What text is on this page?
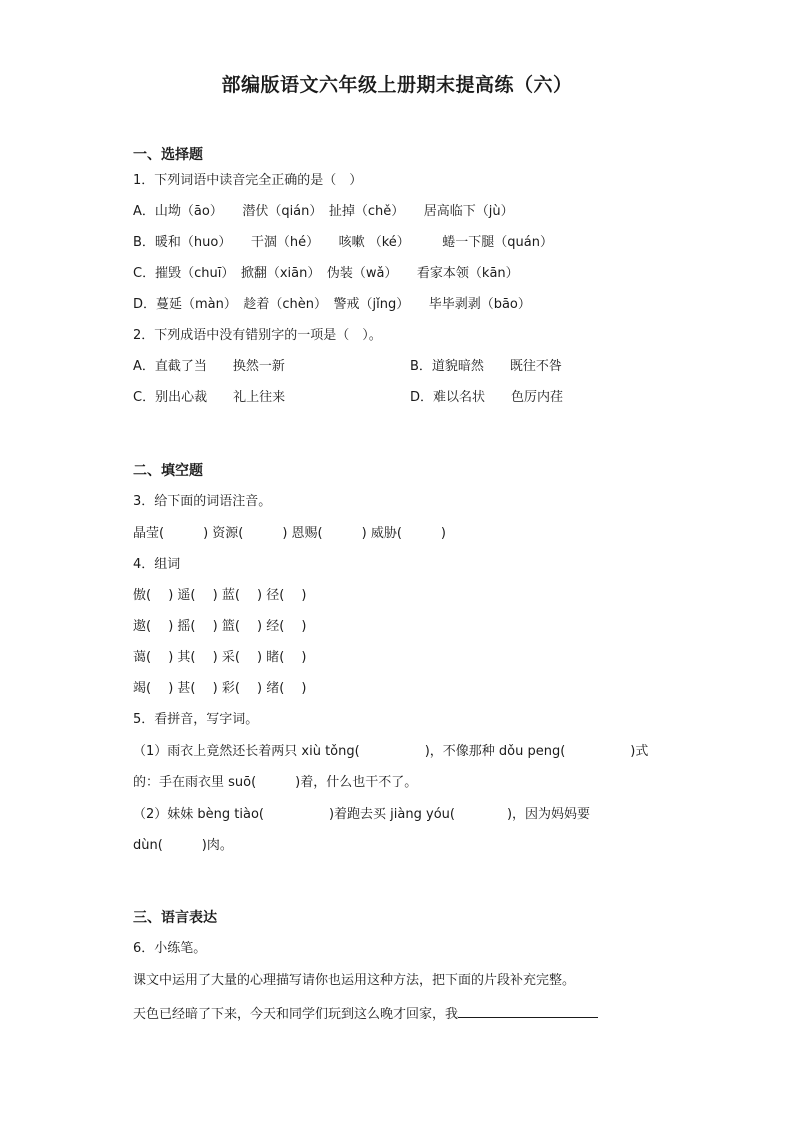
部编版语文六年级上册期末提高练（六）
一、选择题
1．下列词语中读音完全正确的是（　）
A．山坳（āo）　　潜伏（qián）　扯掉（chě）　　居高临下（jù）
B．暖和（huo）　　干涸（hé）　　咳嗽 （ké）　　　蜷一下腿（quán）
C．摧毁（chuī）　掀翻（xiān）　伪装（wǎ）　　看家本领（kān）
D．蔓延（màn）　趁着（chèn）　警戒（jǐng）　　毕毕剥剥（bāo）
2．下列成语中没有错别字的一项是（　）。
A．直截了当　　换然一新	B．道貌暗然　　既往不咎
C．别出心裁　　礼上往来	D．难以名状　　色厉内荏
二、填空题
3．给下面的词语注音。
晶莹(　　　) 资源(　　　) 恩赐(　　　) 威胁(　　　)
4．组词
傲(　 ) 遥(　 ) 蓝(　 ) 径(　 )
遨(　 ) 摇(　 ) 篮(　 ) 经(　 )
蔼(　 ) 其(　 ) 采(　 ) 睹(　 )
竭(　 ) 甚(　 ) 彩(　 ) 绪(　 )
5．看拼音，写字词。
（1）雨衣上竟然还长着两只 xiù tǒng(　　　　　)，不像那种 dǒu peng(　　　　　)式
的：手在雨衣里 suō(　　　)着，什么也干不了。
（2）妹妹 bèng tiào(　　　　　)着跑去买 jiàng yóu(　　　　)，因为妈妈要
dùn(　　　)肉。
三、语言表达
6．小练笔。
课文中运用了大量的心理描写请你也运用这种方法，把下面的片段补充完整。
天色已经暗了下来，今天和同学们玩到这么晚才回家，我
